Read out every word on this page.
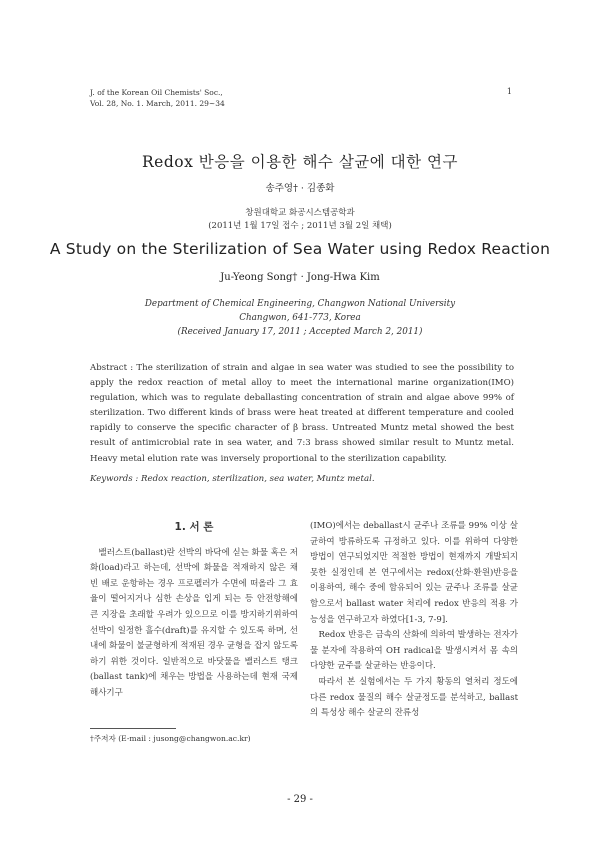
J. of the Korean Oil Chemists' Soc.,
Vol. 28, No. 1. March, 2011. 29~34
1
Redox 반응을 이용한 해수 살균에 대한 연구
송주영† · 김종화
창원대학교 화공시스템공학과
(2011년 1월 17일 접수 ; 2011년 3월 2일 채택)
A Study on the Sterilization of Sea Water using Redox Reaction
Ju-Yeong Song† · Jong-Hwa Kim
Department of Chemical Engineering, Changwon National University
Changwon, 641-773, Korea
(Received January 17, 2011 ; Accepted March 2, 2011)
Abstract : The sterilization of strain and algae in sea water was studied to see the possibility to apply the redox reaction of metal alloy to meet the international marine organization(IMO) regulation, which was to regulate deballasting concentration of strain and algae above 99% of sterilization. Two different kinds of brass were heat treated at different temperature and cooled rapidly to conserve the specific character of β brass. Untreated Muntz metal showed the best result of antimicrobial rate in sea water, and 7:3 brass showed similar result to Muntz metal. Heavy metal elution rate was inversely proportional to the sterilization capability.
Keywords : Redox reaction, sterilization, sea water, Muntz metal.
1. 서 론

밸러스트(ballast)란 선박의 바닥에 싣는 화물 혹은 저화(load)라고 하는데, 선박에 화물을 적재하지 않은 채 빈 배로 운항하는 경우 프로펠러가 수면에 떠올라 그 효율이 떨어지거나 심한 손상을 입게 되는 등 안전항해에 큰 지장을 초래할 우려가 있으므로 이를 방지하기위하여 선박이 일정한 흘수(draft)를 유지할 수 있도록 하며, 선내에 화물이 불균형하게 적재된 경우 균형을 잡지 않도록 하기 위한 것이다. 일반적으로 바닷물을 밸러스트 탱크(ballast tank)에 채우는 방법을 사용하는데 현재 국제해사기구

(IMO)에서는 deballast시 균주나 조류를 99% 이상 살균하여 방류하도록 규정하고 있다. 이를 위하여 다양한 방법이 연구되었지만 적절한 방법이 현재까지 개발되지 못한 실정인데 본 연구에서는 redox(산화·환원)반응을 이용하여, 해수 중에 함유되어 있는 균주나 조류를 살균함으로서 ballast water 처리에 redox 반응의 적용 가능성을 연구하고자 하였다[1-3, 7-9].

Redox 반응은 금속의 산화에 의하여 발생하는 전자가 물 분자에 작용하여 OH radical을 발생시켜서 몸 속의 다양한 균주를 살균하는 반응이다.

따라서 본 실험에서는 두 가지 황동의 열처리 정도에 다른 redox 물질의 해수 살균정도를 분석하고, ballast의 특성상 해수 살균의 잔류성

†주저자 (E-mail : jusong@changwon.ac.kr)
- 29 -
